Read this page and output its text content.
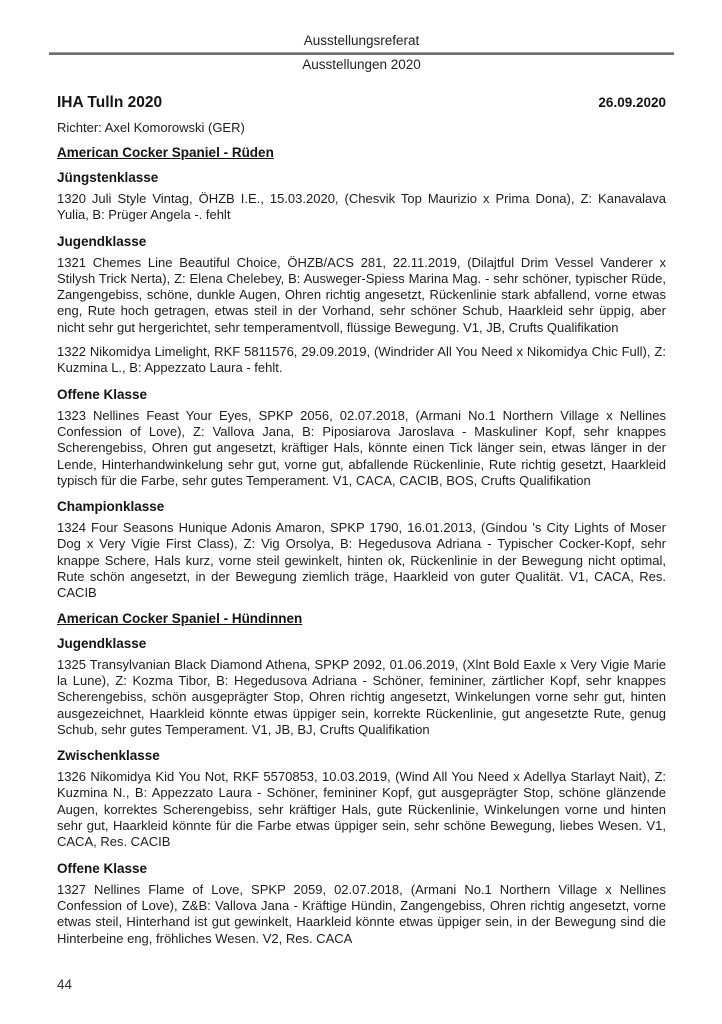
Ausstellungsreferat
Ausstellungen 2020
IHA Tulln 2020	26.09.2020
Richter: Axel Komorowski (GER)
American Cocker Spaniel - Rüden
Jüngstenklasse

1320 Juli Style Vintag, ÖHZB I.E., 15.03.2020, (Chesvik Top Maurizio x Prima Dona), Z: Kanavalava Yulia, B: Prüger Angela -. fehlt

Jugendklasse

1321 Chemes Line Beautiful Choice, ÖHZB/ACS 281, 22.11.2019, (Dilajtful Drim Vessel Vanderer x Stilysh Trick Nerta), Z: Elena Chelebey, B: Ausweger-Spiess Marina Mag. - sehr schöner, typischer Rüde, Zangengebiss, schöne, dunkle Augen, Ohren richtig angesetzt, Rückenlinie stark abfallend, vorne etwas eng, Rute hoch getragen, etwas steil in der Vorhand, sehr schöner Schub, Haarkleid sehr üppig, aber nicht sehr gut hergerichtet, sehr temperamentvoll, flüssige Bewegung. V1, JB, Crufts Qualifikation

1322 Nikomidya Limelight, RKF 5811576, 29.09.2019, (Windrider All You Need x Nikomidya Chic Full), Z: Kuzmina L., B: Appezzato Laura - fehlt.

Offene Klasse

1323 Nellines Feast Your Eyes, SPKP 2056, 02.07.2018, (Armani No.1 Northern Village x Nellines Confession of Love), Z: Vallova Jana, B: Piposiarova Jaroslava - Maskuliner Kopf, sehr knappes Scherengebiss, Ohren gut angesetzt, kräftiger Hals, könnte einen Tick länger sein, etwas länger in der Lende, Hinterhandwinkelung sehr gut, vorne gut, abfallende Rückenlinie, Rute richtig gesetzt, Haarkleid typisch für die Farbe, sehr gutes Temperament. V1, CACA, CACIB, BOS, Crufts Qualifikation

Championklasse

1324 Four Seasons Hunique Adonis Amaron, SPKP 1790, 16.01.2013, (Gindou 's City Lights of Moser Dog x Very Vigie First Class), Z: Vig Orsolya, B: Hegedusova Adriana - Typischer Cocker-Kopf, sehr knappe Schere, Hals kurz, vorne steil gewinkelt, hinten ok, Rückenlinie in der Bewegung nicht optimal, Rute schön angesetzt, in der Bewegung ziemlich träge, Haarkleid von guter Qualität. V1, CACA, Res. CACIB

American Cocker Spaniel - Hündinnen
Jugendklasse

1325 Transylvanian Black Diamond Athena, SPKP 2092, 01.06.2019, (Xlnt Bold Eaxle x Very Vigie Marie la Lune), Z: Kozma Tibor, B: Hegedusova Adriana - Schöner, femininer, zärtlicher Kopf, sehr knappes Scherengebiss, schön ausgeprägter Stop, Ohren richtig angesetzt, Winkelungen vorne sehr gut, hinten ausgezeichnet, Haarkleid könnte etwas üppiger sein, korrekte Rückenlinie, gut angesetzte Rute, genug Schub, sehr gutes Temperament. V1, JB, BJ, Crufts Qualifikation

Zwischenklasse

1326 Nikomidya Kid You Not, RKF 5570853, 10.03.2019, (Wind All You Need x Adellya Starlayt Nait), Z: Kuzmina N., B: Appezzato Laura - Schöner, femininer Kopf, gut ausgeprägter Stop, schöne glänzende Augen, korrektes Scherengebiss, sehr kräftiger Hals, gute Rückenlinie, Winkelungen vorne und hinten sehr gut, Haarkleid könnte für die Farbe etwas üppiger sein, sehr schöne Bewegung, liebes Wesen. V1, CACA, Res. CACIB

Offene Klasse

1327 Nellines Flame of Love, SPKP 2059, 02.07.2018, (Armani No.1 Northern Village x Nellines Confession of Love), Z&B: Vallova Jana - Kräftige Hündin, Zangengebiss, Ohren richtig angesetzt, vorne etwas steil, Hinterhand ist gut gewinkelt, Haarkleid könnte etwas üppiger sein, in der Bewegung sind die Hinterbeine eng, fröhliches Wesen. V2, Res. CACA

44
